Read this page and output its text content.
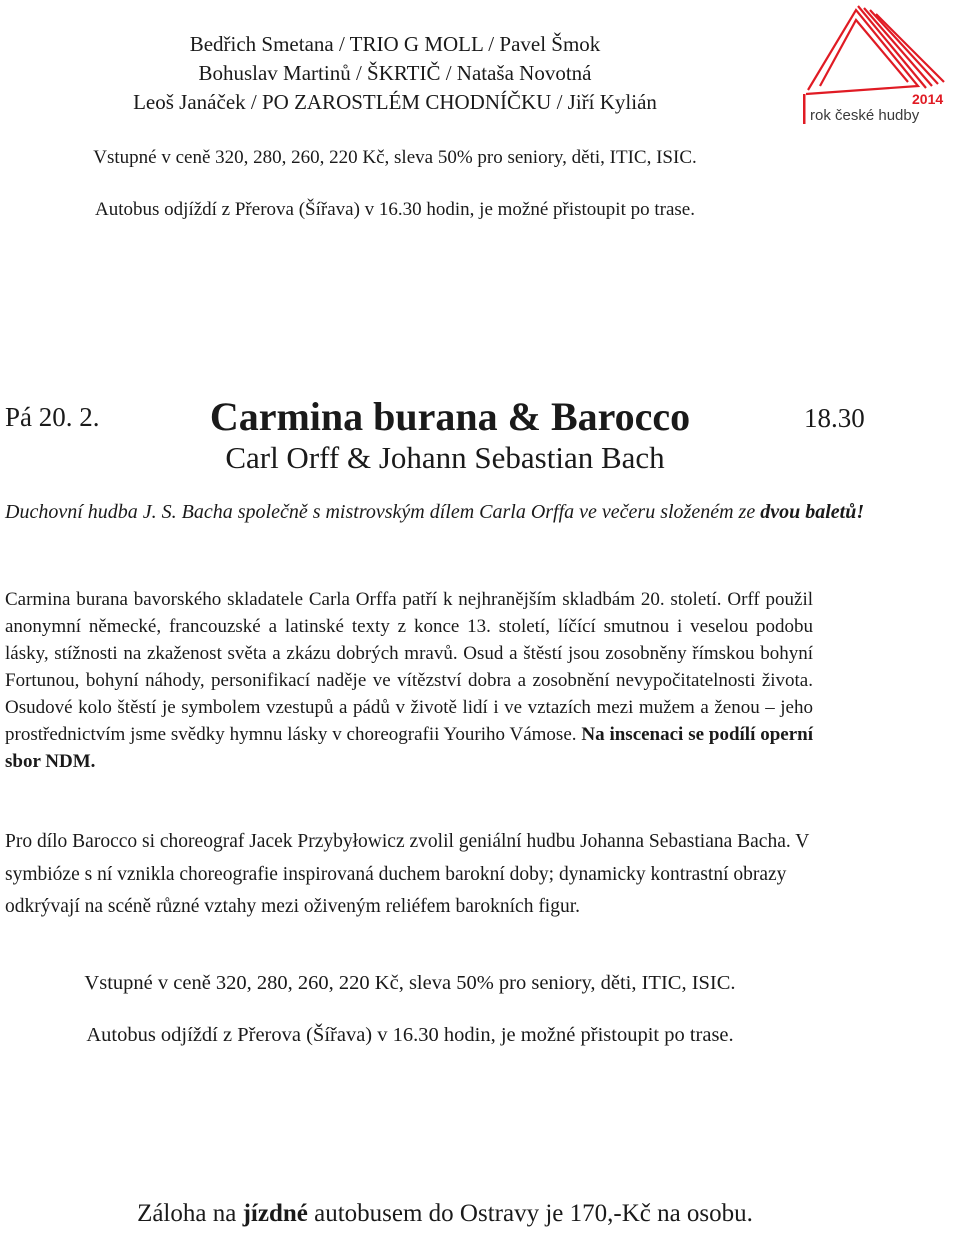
Bedřich Smetana / TRIO G MOLL / Pavel Šmok
Bohuslav Martinů / ŠKRTIČ / Nataša Novotná
Leoš Janáček / PO ZAROSTLÉM CHODNÍČKU / Jiří Kylián	2014
rok české hudby
Vstupné v ceně 320, 280, 260, 220 Kč, sleva 50% pro seniory, děti, ITIC, ISIC.
Autobus odjíždí z Přerova (Šířava) v 16.30 hodin, je možné přistoupit po trase.
Pá 20. 2.	Carmina burana & Barocco	18.30
Carl Orff & Johann Sebastian Bach
Duchovní hudba J. S. Bacha společně s mistrovským dílem Carla Orffa ve večeru složeném ze dvou baletů!
Carmina burana bavorského skladatele Carla Orffa patří k nejhranějším skladbám 20. století. Orff použil anonymní německé, francouzské a latinské texty z konce 13. století, líčící smutnou i veselou podobu lásky, stížnosti na zkaženost světa a zkázu dobrých mravů. Osud a štěstí jsou zosobněny římskou bohyní Fortunou, bohyní náhody, personifikací naděje ve vítězství dobra a zosobnění nevypočitatelnosti života. Osudové kolo štěstí je symbolem vzestupů a pádů v životě lidí i ve vztazích mezi mužem a ženou – jeho prostřednictvím jsme svědky hymnu lásky v choreografii Youriho Vámose. Na inscenaci se podílí operní sbor NDM.
Pro dílo Barocco si choreograf Jacek Przybyłowicz zvolil geniální hudbu Johanna Sebastiana Bacha. V symbióze s ní vznikla choreografie inspirovaná duchem barokní doby; dynamicky kontrastní obrazy odkrývají na scéně různé vztahy mezi oživeným reliéfem barokních figur.
Vstupné v ceně 320, 280, 260, 220 Kč, sleva 50% pro seniory, děti, ITIC, ISIC.
Autobus odjíždí z Přerova (Šířava) v 16.30 hodin, je možné přistoupit po trase.
Záloha na jízdné autobusem do Ostravy je 170,-Kč na osobu.
